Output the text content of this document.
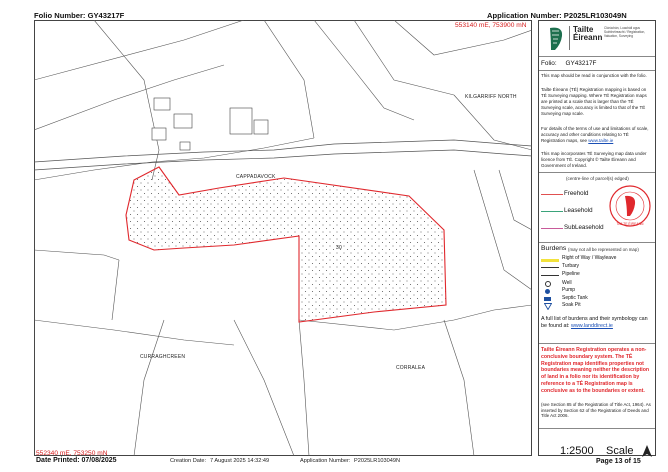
Folio Number: GY43217F	Application Number: P2025LR103049N
KILGARRIFF NORTH
CAPPADAVOCK
CURRAGHCREEN
CORRALEA
30
553140 mE, 753900 mN
552340 mE, 753250 mN
Tailte
Éireann
Clárúchán, Luacháil agus Suirbhéireacht / Registration, Valuation, Surveying
Folio:     GY43217F
This map should be read in conjunction with the folio.
Tailte Éireann (TÉ) Registration mapping is based on TÉ Surveying mapping. Where TÉ Registration maps are printed at a scale that is larger than the TÉ Surveying scale, accuracy is limited to that of the TÉ Surveying map scale.
For details of the terms of use and limitations of scale, accuracy and other conditions relating to TÉ Registration maps, see www.tailte.ie
This map incorporates TÉ Surveying map data under licence from TÉ. Copyright © Tailte Éireann and Government of Ireland.
(centre-line of parcel(s) edged)
Freehold
Leasehold
SubLeasehold	TAILTE ÉIREANN
Burdens (may not all be represented on map)
Right of Way / Wayleave
Turbary
Pipeline
Well
Pump
Septic Tank
Soak Pit
A full list of burdens and their symbology can be found at: www.landdirect.ie
Tailte Éireann Registration operates a non-conclusive boundary system. The TÉ Registration map identifies properties not boundaries meaning neither the description of land in a folio nor its identification by reference to a TÉ Registration map is conclusive as to the boundaries or extent.
(see Section 85 of the Registration of Title Act, 1964). As inserted by Section 62 of the Registration of Deeds and Title Act 2006.
1:2500 Scale
Date Printed: 07/08/2025	Creation Date: 7 August 2025 14:32:49	Application Number: P2025LR103049N	Page 13 of 15
